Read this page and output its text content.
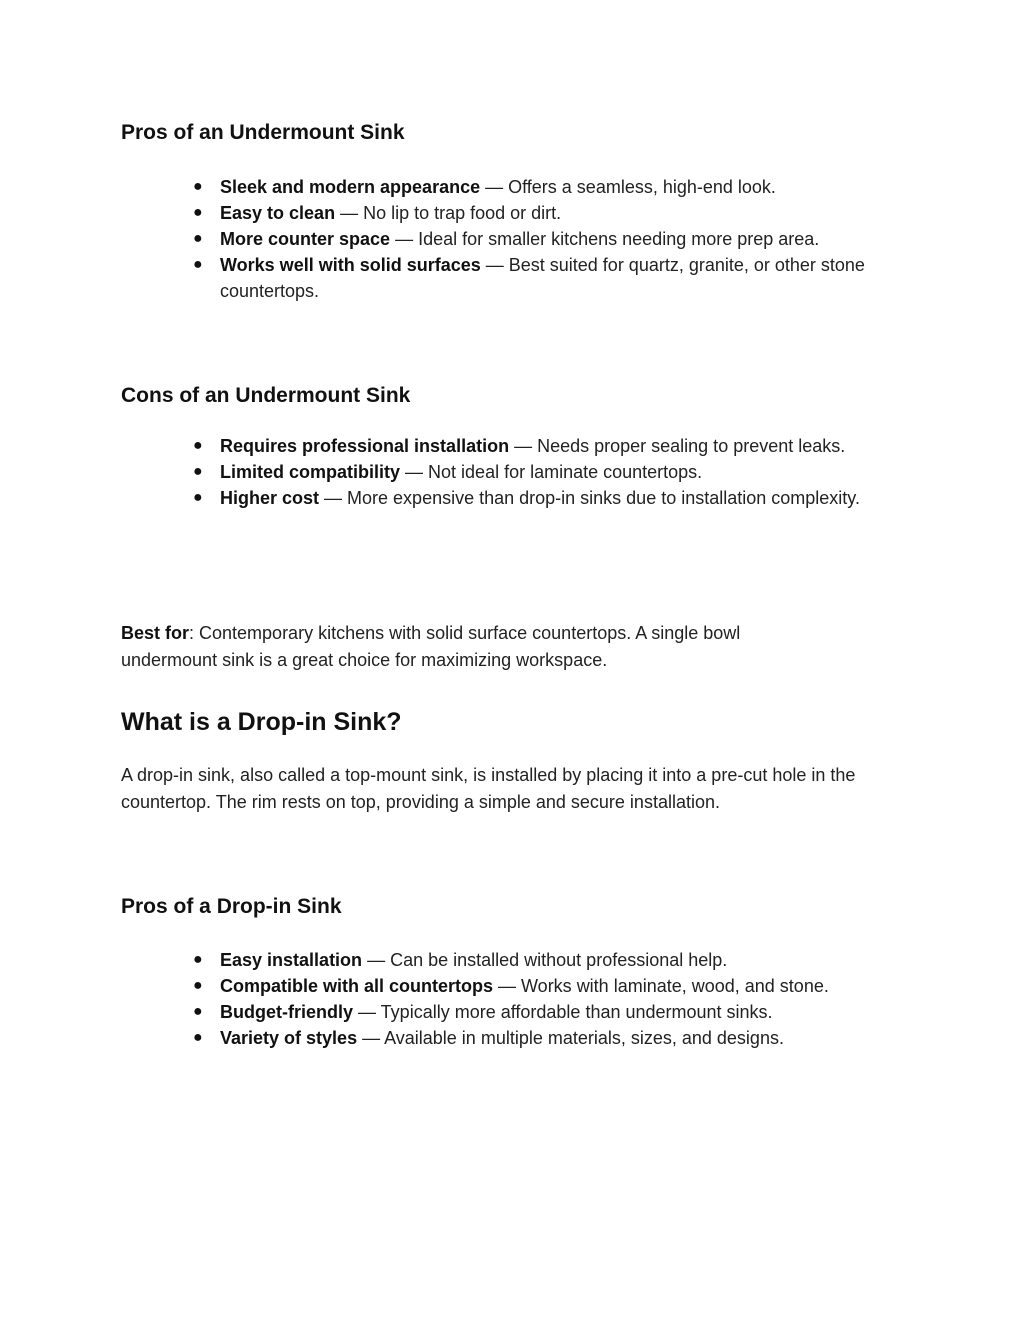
Pros of an Undermount Sink
● Sleek and modern appearance — Offers a seamless, high-end look.
● Easy to clean — No lip to trap food or dirt.
● More counter space — Ideal for smaller kitchens needing more prep area.
● Works well with solid surfaces — Best suited for quartz, granite, or other stone countertops.
Cons of an Undermount Sink
● Requires professional installation — Needs proper sealing to prevent leaks.
● Limited compatibility — Not ideal for laminate countertops.
● Higher cost — More expensive than drop-in sinks due to installation complexity.

Best for: Contemporary kitchens with solid surface countertops. A single bowl undermount sink is a great choice for maximizing workspace.

What is a Drop-in Sink?

A drop-in sink, also called a top-mount sink, is installed by placing it into a pre-cut hole in the countertop. The rim rests on top, providing a simple and secure installation.

Pros of a Drop-in Sink
● Easy installation — Can be installed without professional help.
● Compatible with all countertops — Works with laminate, wood, and stone.
● Budget-friendly — Typically more affordable than undermount sinks.
● Variety of styles — Available in multiple materials, sizes, and designs.
